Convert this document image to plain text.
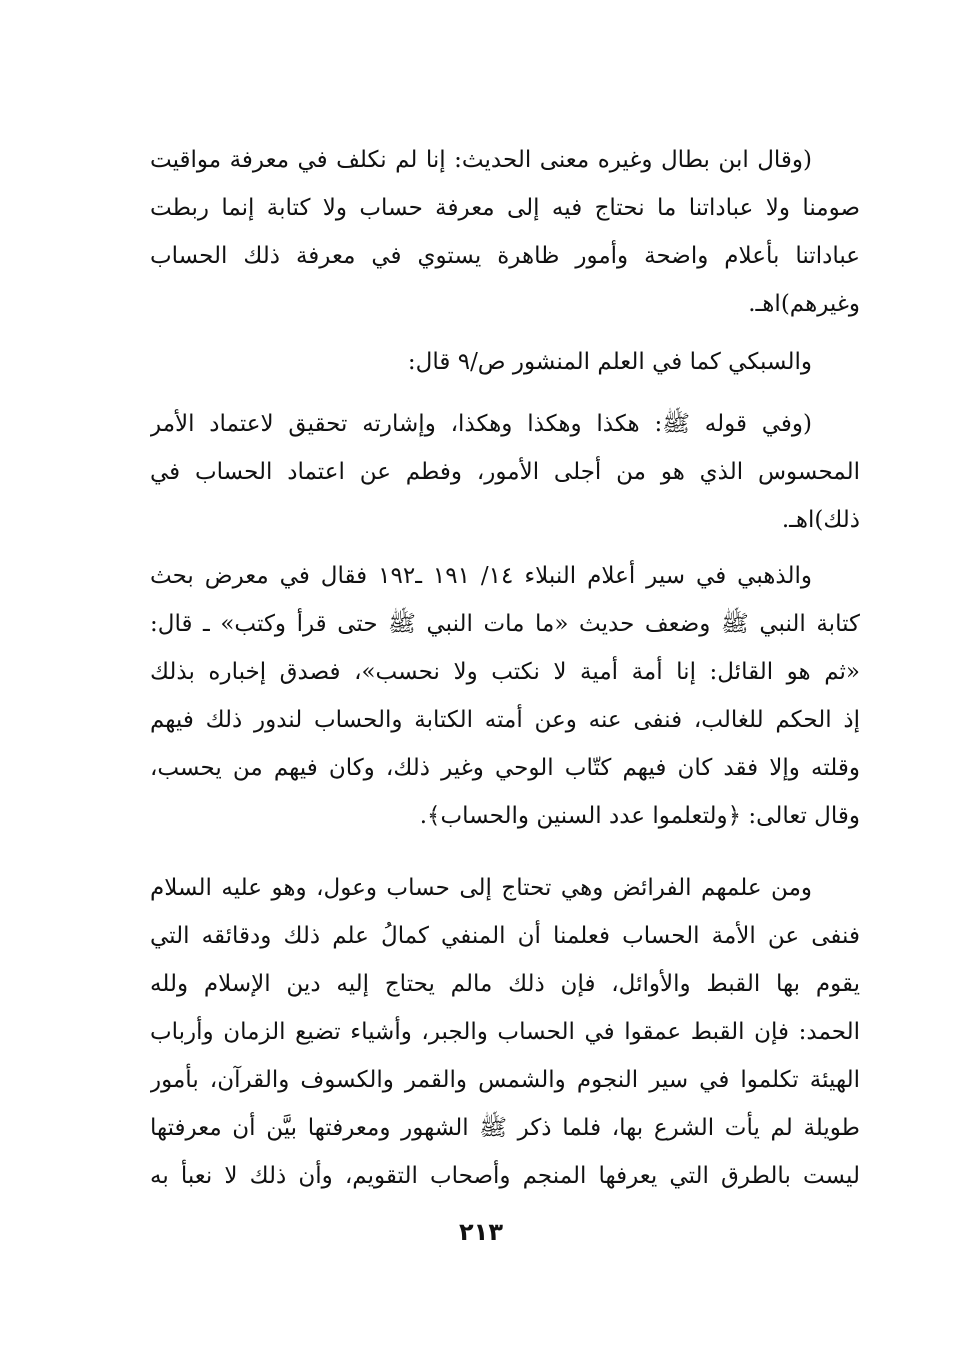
(وقال ابن بطال وغيره معنى الحديث: إنا لم نكلف في معرفة مواقيت
صومنا ولا عباداتنا ما نحتاج فيه إلى معرفة حساب ولا كتابة إنما ربطت
عباداتنا بأعلام واضحة وأمور ظاهرة يستوي في معرفة ذلك الحساب
وغيرهم)اهـ.
والسبكي كما في العلم المنشور ص/٩ قال:
(وفي قوله ﷺ: هكذا وهكذا وهكذا، وإشارته تحقيق لاعتماد الأمر
المحسوس الذي هو من أجلى الأمور، وفطم عن اعتماد الحساب في
ذلك)اهـ.
والذهبي في سير أعلام النبلاء ١٤/ ١٩١ ـ١٩٢ فقال في معرض بحث
كتابة النبي ﷺ وضعف حديث «ما مات النبي ﷺ حتى قرأ وكتب» ـ قال:
«ثم هو القائل: إنا أمة أمية لا نكتب ولا نحسب»، فصدق إخباره بذلك
إذ الحكم للغالب، فنفى عنه وعن أمته الكتابة والحساب لندور ذلك فيهم
وقلته وإلا فقد كان فيهم كتّاب الوحي وغير ذلك، وكان فيهم من يحسب،
وقال تعالى: ﴿ولتعلموا عدد السنين والحساب﴾.
ومن علمهم الفرائض وهي تحتاج إلى حساب وعول، وهو عليه السلام
فنفى عن الأمة الحساب فعلمنا أن المنفي كمالُ علم ذلك ودقائقه التي
يقوم بها القبط والأوائل، فإن ذلك مالم يحتاج إليه دين الإسلام ولله
الحمد: فإن القبط عمقوا في الحساب والجبر، وأشياء تضيع الزمان وأرباب
الهيئة تكلموا في سير النجوم والشمس والقمر والكسوف والقرآن، بأمور
طويلة لم يأت الشرع بها، فلما ذكر ﷺ الشهور ومعرفتها بيَّن أن معرفتها
ليست بالطرق التي يعرفها المنجم وأصحاب التقويم، وأن ذلك لا نعبأ به
٢١٣
